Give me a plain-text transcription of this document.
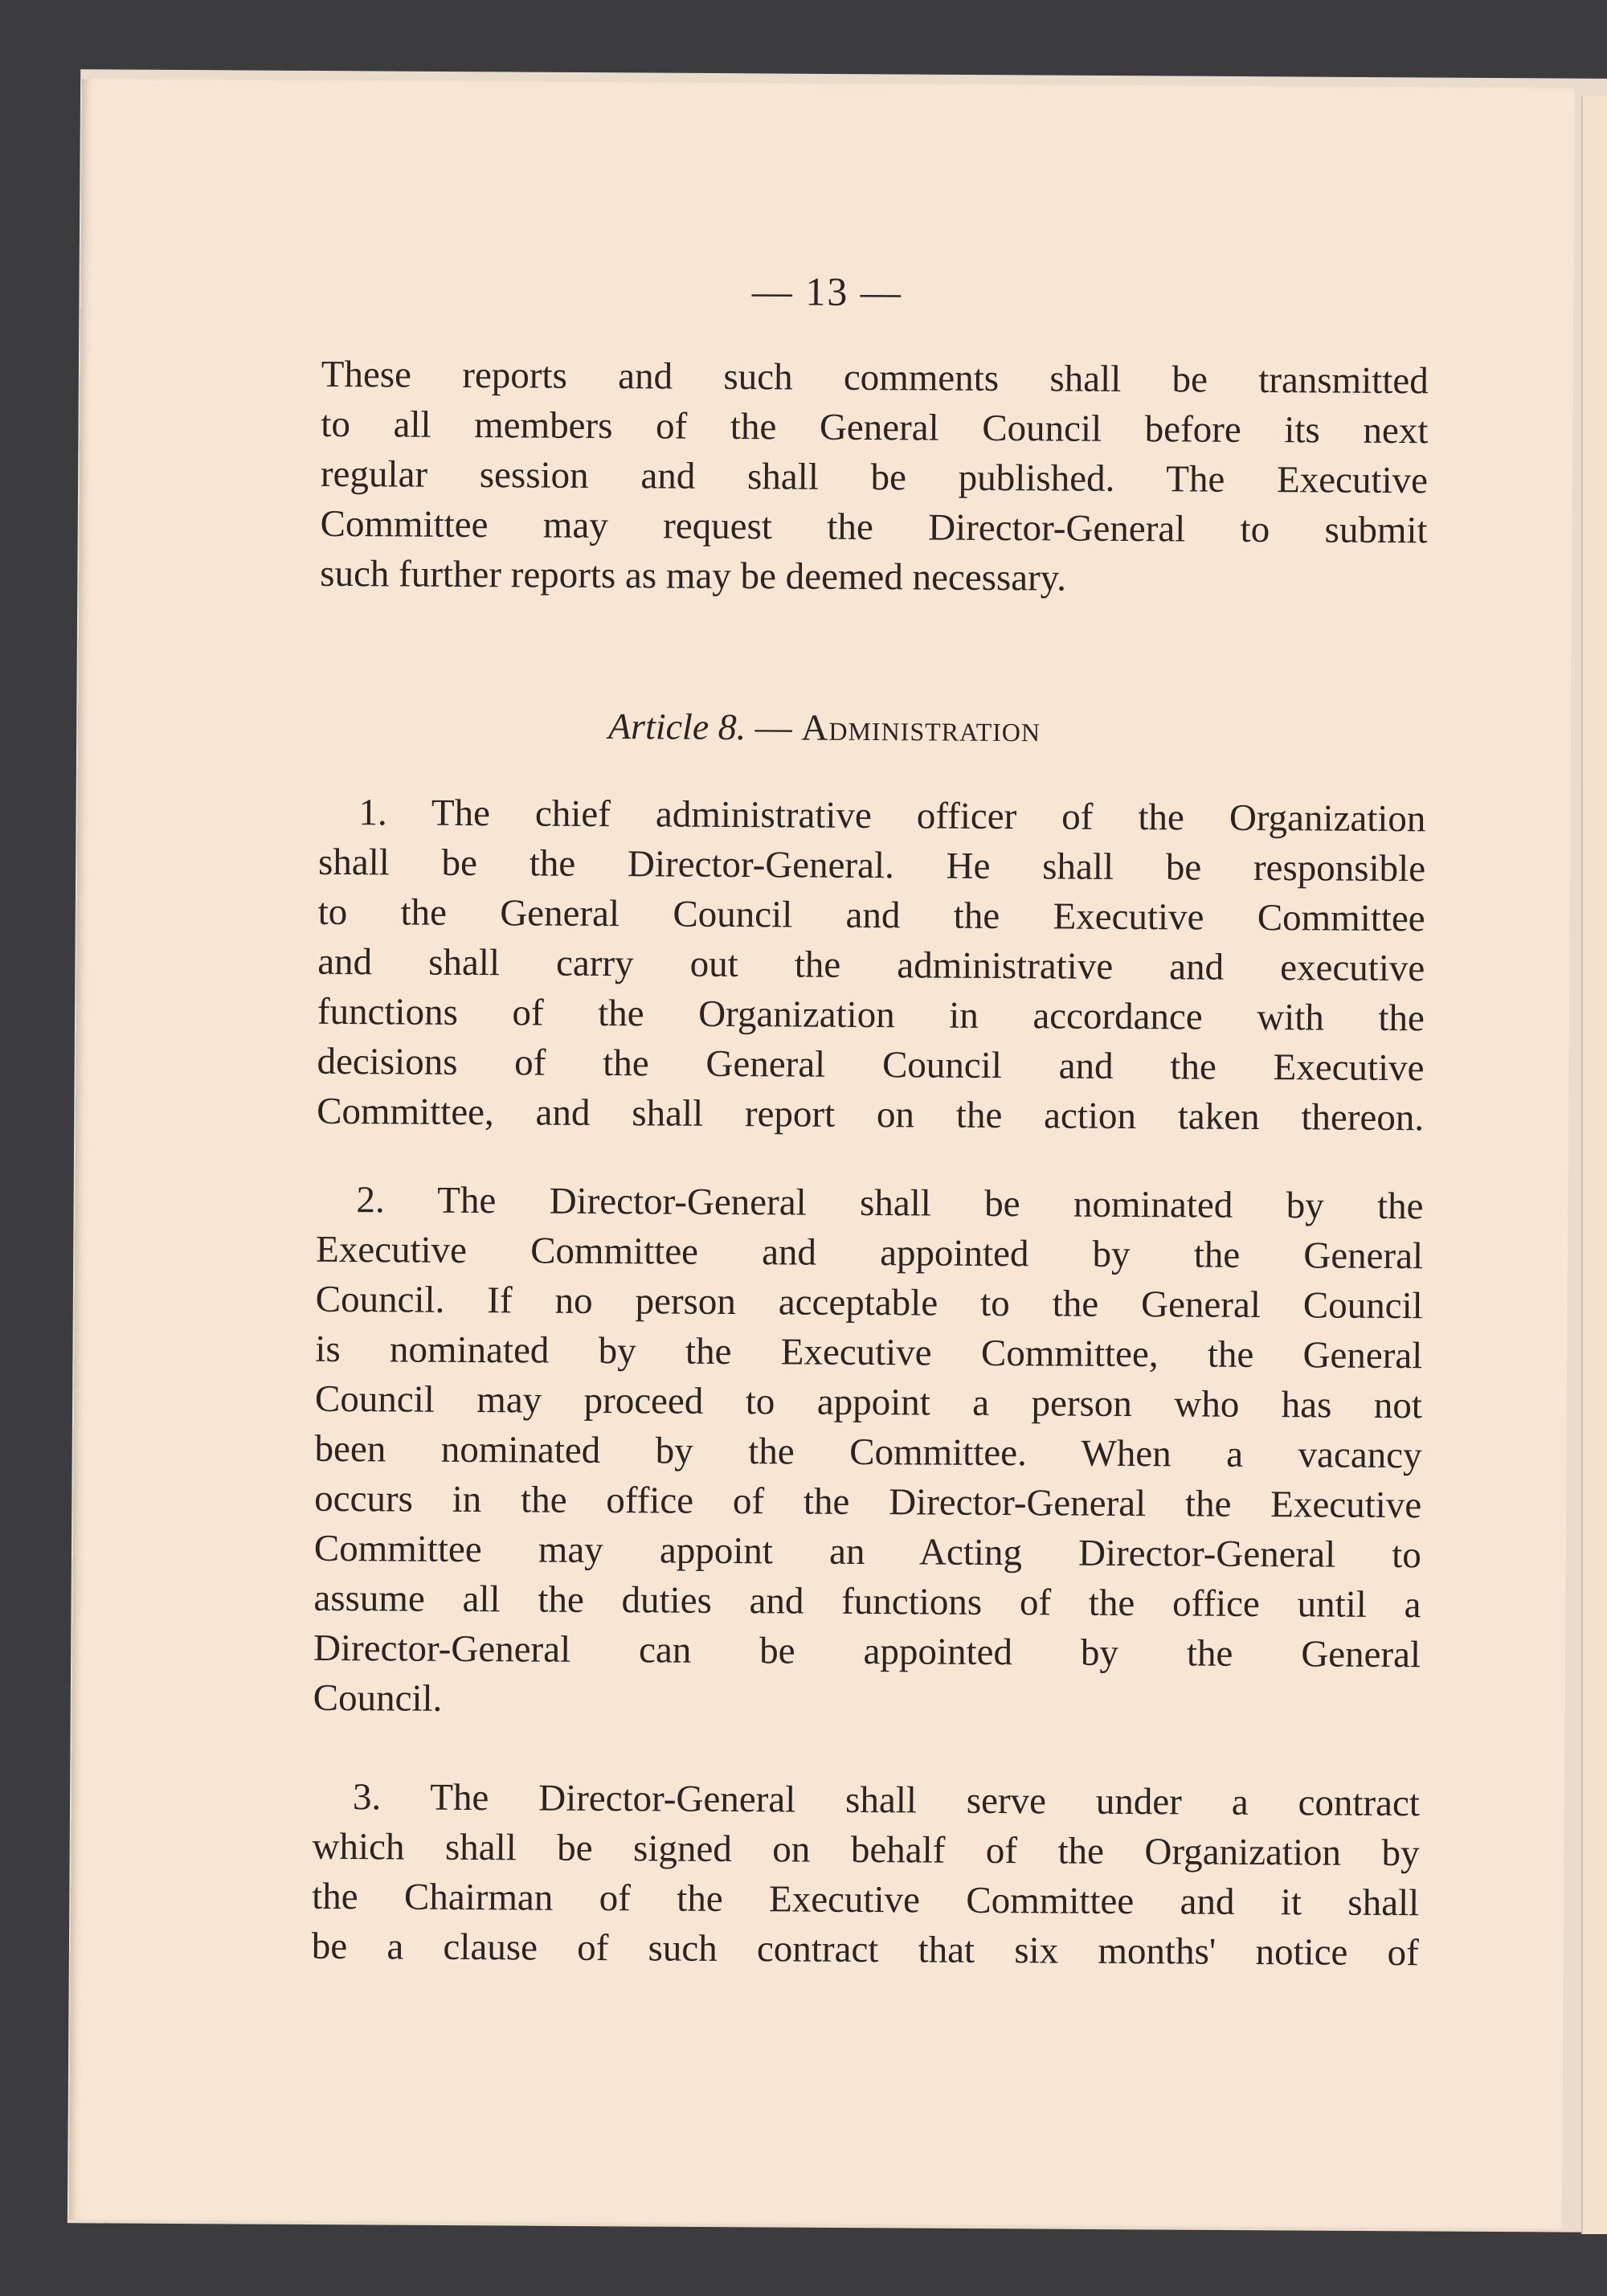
— 13 —
These reports and such comments shall be transmitted
to all members of the General Council before its next
regular session and shall be published. The Executive
Committee may request the Director-General to submit
such further reports as may be deemed necessary.
Article 8. — Administration
1. The chief administrative officer of the Organization
shall be the Director-General. He shall be responsible
to the General Council and the Executive Committee
and shall carry out the administrative and executive
functions of the Organization in accordance with the
decisions of the General Council and the Executive
Committee, and shall report on the action taken thereon.
2. The Director-General shall be nominated by the
Executive Committee and appointed by the General
Council. If no person acceptable to the General Council
is nominated by the Executive Committee, the General
Council may proceed to appoint a person who has not
been nominated by the Committee. When a vacancy
occurs in the office of the Director-General the Executive
Committee may appoint an Acting Director-General to
assume all the duties and functions of the office until a
Director-General can be appointed by the General
Council.
3. The Director-General shall serve under a contract
which shall be signed on behalf of the Organization by
the Chairman of the Executive Committee and it shall
be a clause of such contract that six months' notice of
